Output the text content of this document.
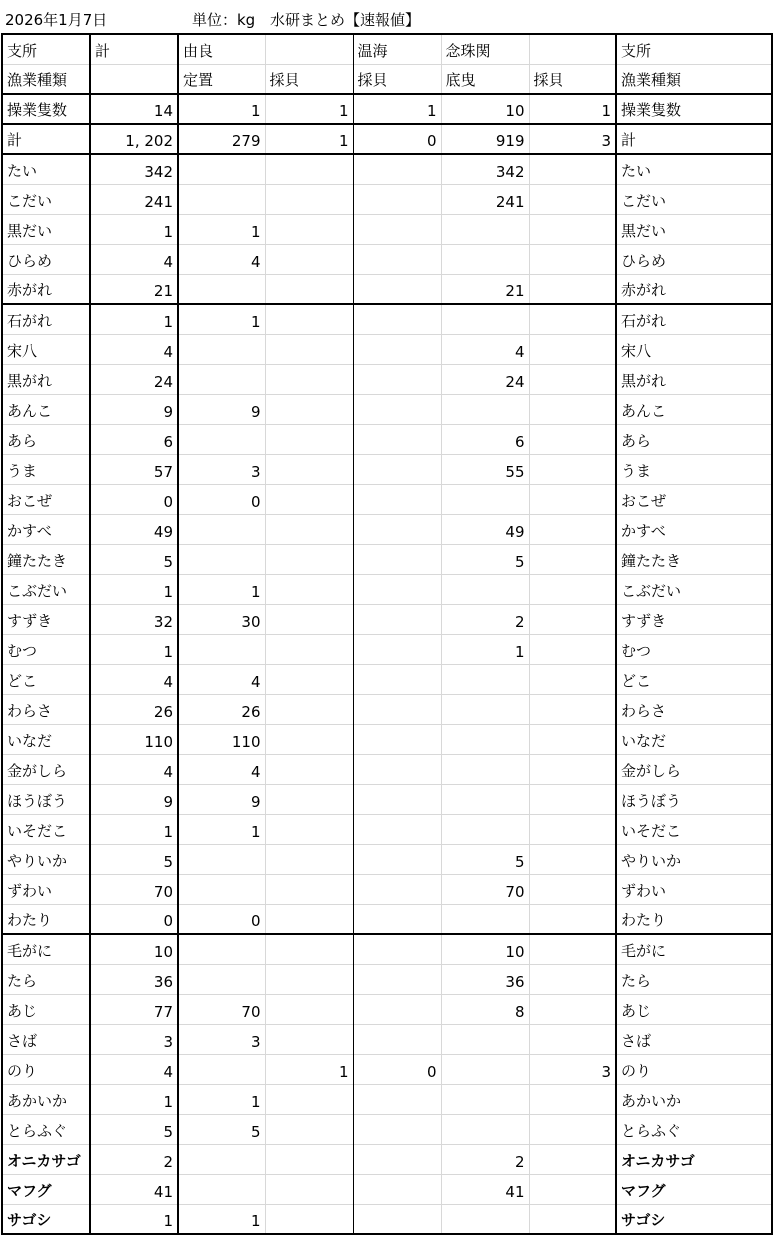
2026年1月7日	単位：kg 水研まとめ【速報値】
支所	計	由良		温海	念珠関		支所
漁業種類		定置	採貝	採貝	底曳	採貝	漁業種類
操業隻数	14	1	1	1	10	1	操業隻数
計	1, 202	279	1	0	919	3	計
たい	342				342		たい
こだい	241				241		こだい
黒だい	1	1					黒だい
ひらめ	4	4					ひらめ
赤がれ	21				21		赤がれ
石がれ	1	1					石がれ
宋八	4				4		宋八
黒がれ	24				24		黒がれ
あんこ	9	9					あんこ
あら	6				6		あら
うま	57	3			55		うま
おこぜ	0	0					おこぜ
かすべ	49				49		かすべ
鐘たたき	5				5		鐘たたき
こぶだい	1	1					こぶだい
すずき	32	30			2		すずき
むつ	1				1		むつ
どこ	4	4					どこ
わらさ	26	26					わらさ
いなだ	110	110					いなだ
金がしら	4	4					金がしら
ほうぼう	9	9					ほうぼう
いそだこ	1	1					いそだこ
やりいか	5				5		やりいか
ずわい	70				70		ずわい
わたり	0	0					わたり
毛がに	10				10		毛がに
たら	36				36		たら
あじ	77	70			8		あじ
さば	3	3					さば
のり	4		1	0		3	のり
あかいか	1	1					あかいか
とらふぐ	5	5					とらふぐ
オニカサゴ	2				2		オニカサゴ
マフグ	41				41		マフグ
サゴシ	1	1					サゴシ
